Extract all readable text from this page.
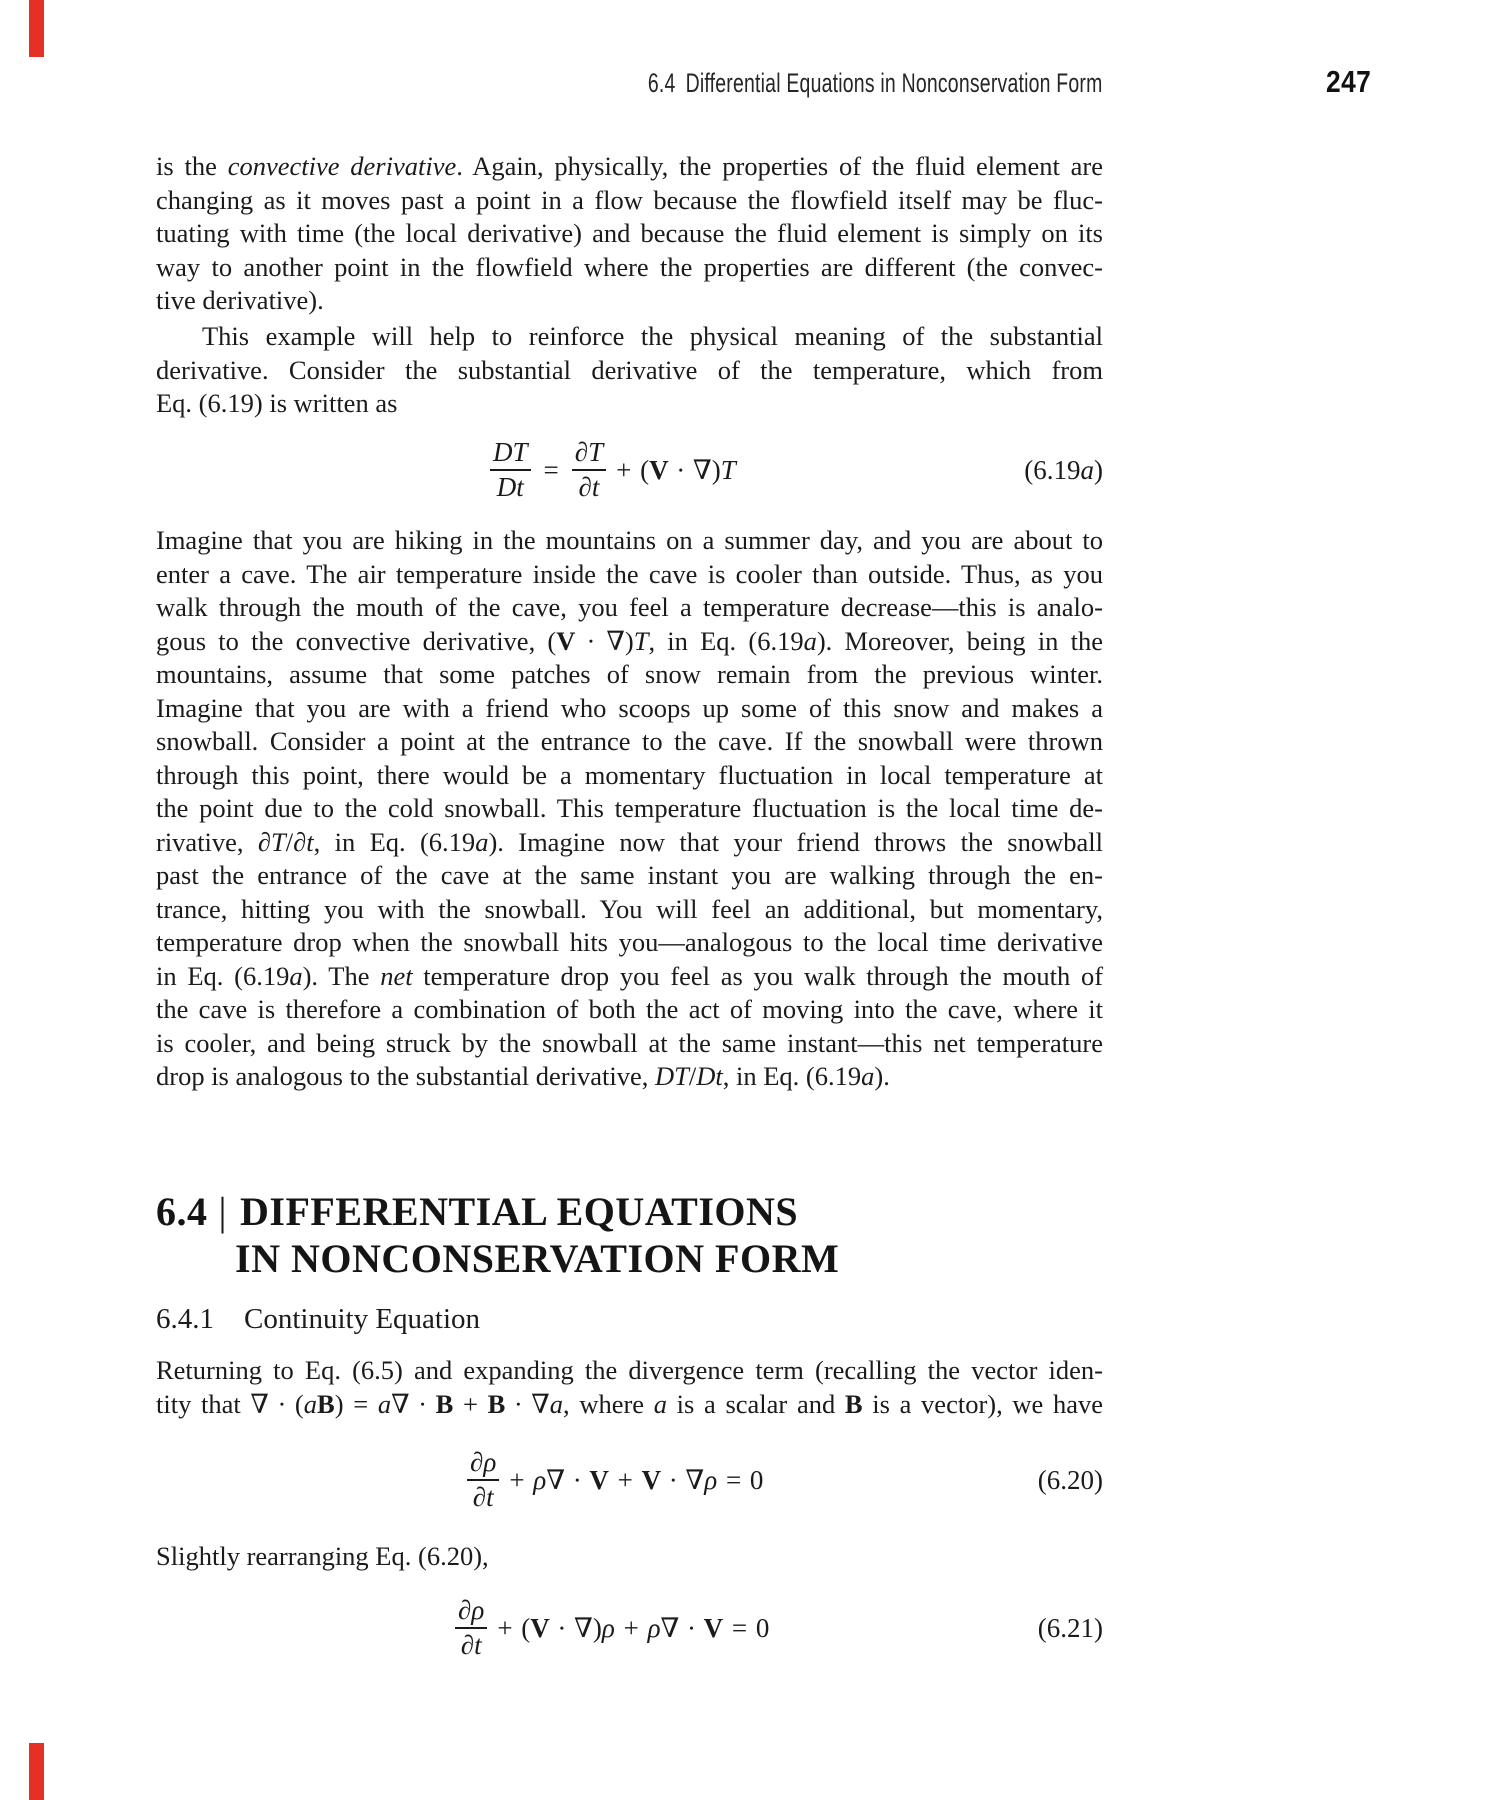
6.4 Differential Equations in Nonconservation Form	247
is the convective derivative. Again, physically, the properties of the fluid element are
changing as it moves past a point in a flow because the flowfield itself may be fluc-
tuating with time (the local derivative) and because the fluid element is simply on its
way to another point in the flowfield where the properties are different (the convec-
tive derivative).
This example will help to reinforce the physical meaning of the substantial
derivative. Consider the substantial derivative of the temperature, which from
Eq. (6.19) is written as
$\frac{DT}{Dt} = \frac{\partial T}{\partial t} + (V \cdot \nabla)T$	(6.19a)
Imagine that you are hiking in the mountains on a summer day, and you are about to
enter a cave. The air temperature inside the cave is cooler than outside. Thus, as you
walk through the mouth of the cave, you feel a temperature decrease—this is analo-
gous to the convective derivative, (V ∙ ∇)T, in Eq. (6.19a). Moreover, being in the
mountains, assume that some patches of snow remain from the previous winter.
Imagine that you are with a friend who scoops up some of this snow and makes a
snowball. Consider a point at the entrance to the cave. If the snowball were thrown
through this point, there would be a momentary fluctuation in local temperature at
the point due to the cold snowball. This temperature fluctuation is the local time de-
rivative, ∂T/∂t, in Eq. (6.19a). Imagine now that your friend throws the snowball
past the entrance of the cave at the same instant you are walking through the en-
trance, hitting you with the snowball. You will feel an additional, but momentary,
temperature drop when the snowball hits you—analogous to the local time derivative
in Eq. (6.19a). The net temperature drop you feel as you walk through the mouth of
the cave is therefore a combination of both the act of moving into the cave, where it
is cooler, and being struck by the snowball at the same instant—this net temperature
drop is analogous to the substantial derivative, DT/Dt, in Eq. (6.19a).
6.4 | DIFFERENTIAL EQUATIONS
IN NONCONSERVATION FORM
6.4.1 Continuity Equation
Returning to Eq. (6.5) and expanding the divergence term (recalling the vector iden-
tity that ∇ ∙ (aB) = a∇ ∙ B + B ∙ ∇a, where a is a scalar and B is a vector), we have
$\frac{\partial\rho}{\partial t} + \rho\nabla \cdot V + V \cdot \nabla\rho = 0$	(6.20)
Slightly rearranging Eq. (6.20),
$\frac{\partial\rho}{\partial t} + (V \cdot \nabla)\rho + \rho\nabla \cdot V = 0$	(6.21)
